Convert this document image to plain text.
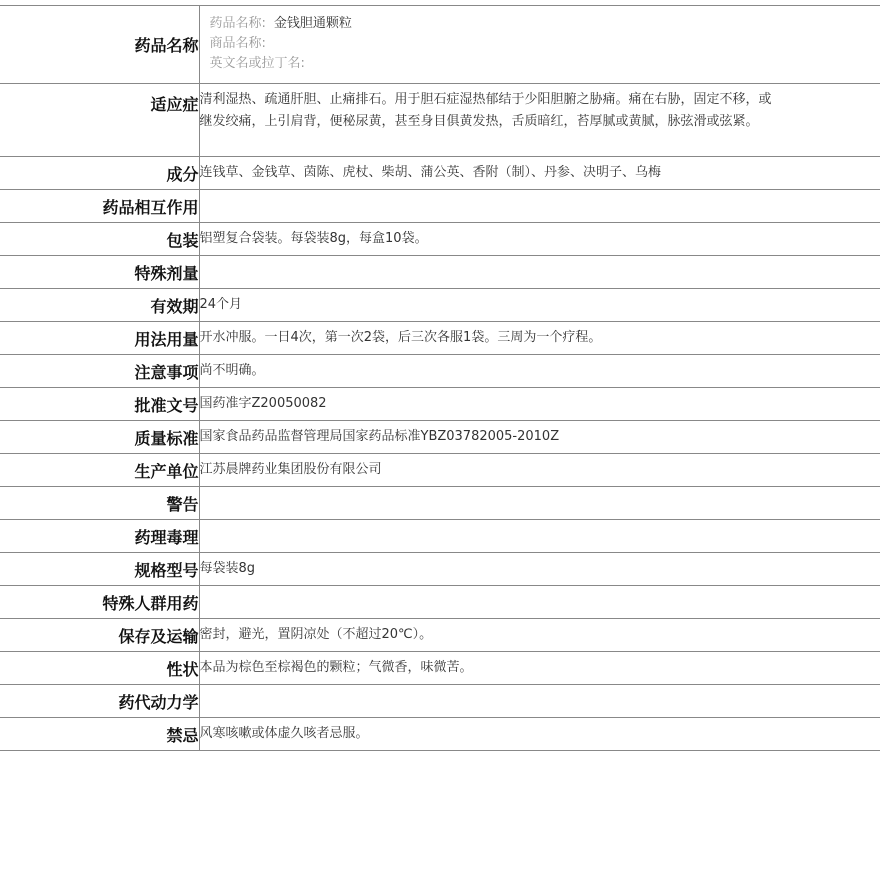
药品名称	药品名称: 金钱胆通颗粒
商品名称:
英文名或拉丁名:

适应症	清利湿热、疏通肝胆、止痛排石。用于胆石症湿热郁结于少阳胆腑之胁痛。痛在右胁，固定不移，或继发绞痛，上引肩背，便秘尿黄，甚至身目俱黄发热，舌质暗红，苔厚腻或黄腻，脉弦滑或弦紧。

成分	连钱草、金钱草、茵陈、虎杖、柴胡、蒲公英、香附（制）、丹参、决明子、乌梅
药品相互作用	
包装	铝塑复合袋装。每袋装8g，每盒10袋。
特殊剂量	
有效期	24个月
用法用量	开水冲服。一日4次，第一次2袋，后三次各服1袋。三周为一个疗程。
注意事项	尚不明确。
批准文号	国药准字Z20050082
质量标准	国家食品药品监督管理局国家药品标准YBZ03782005-2010Z
生产单位	江苏晨牌药业集团股份有限公司
警告	
药理毒理	
规格型号	每袋装8g
特殊人群用药	
保存及运输	密封，避光，置阴凉处（不超过20℃）。
性状	本品为棕色至棕褐色的颗粒；气微香，味微苦。
药代动力学	
禁忌	风寒咳嗽或体虚久咳者忌服。
